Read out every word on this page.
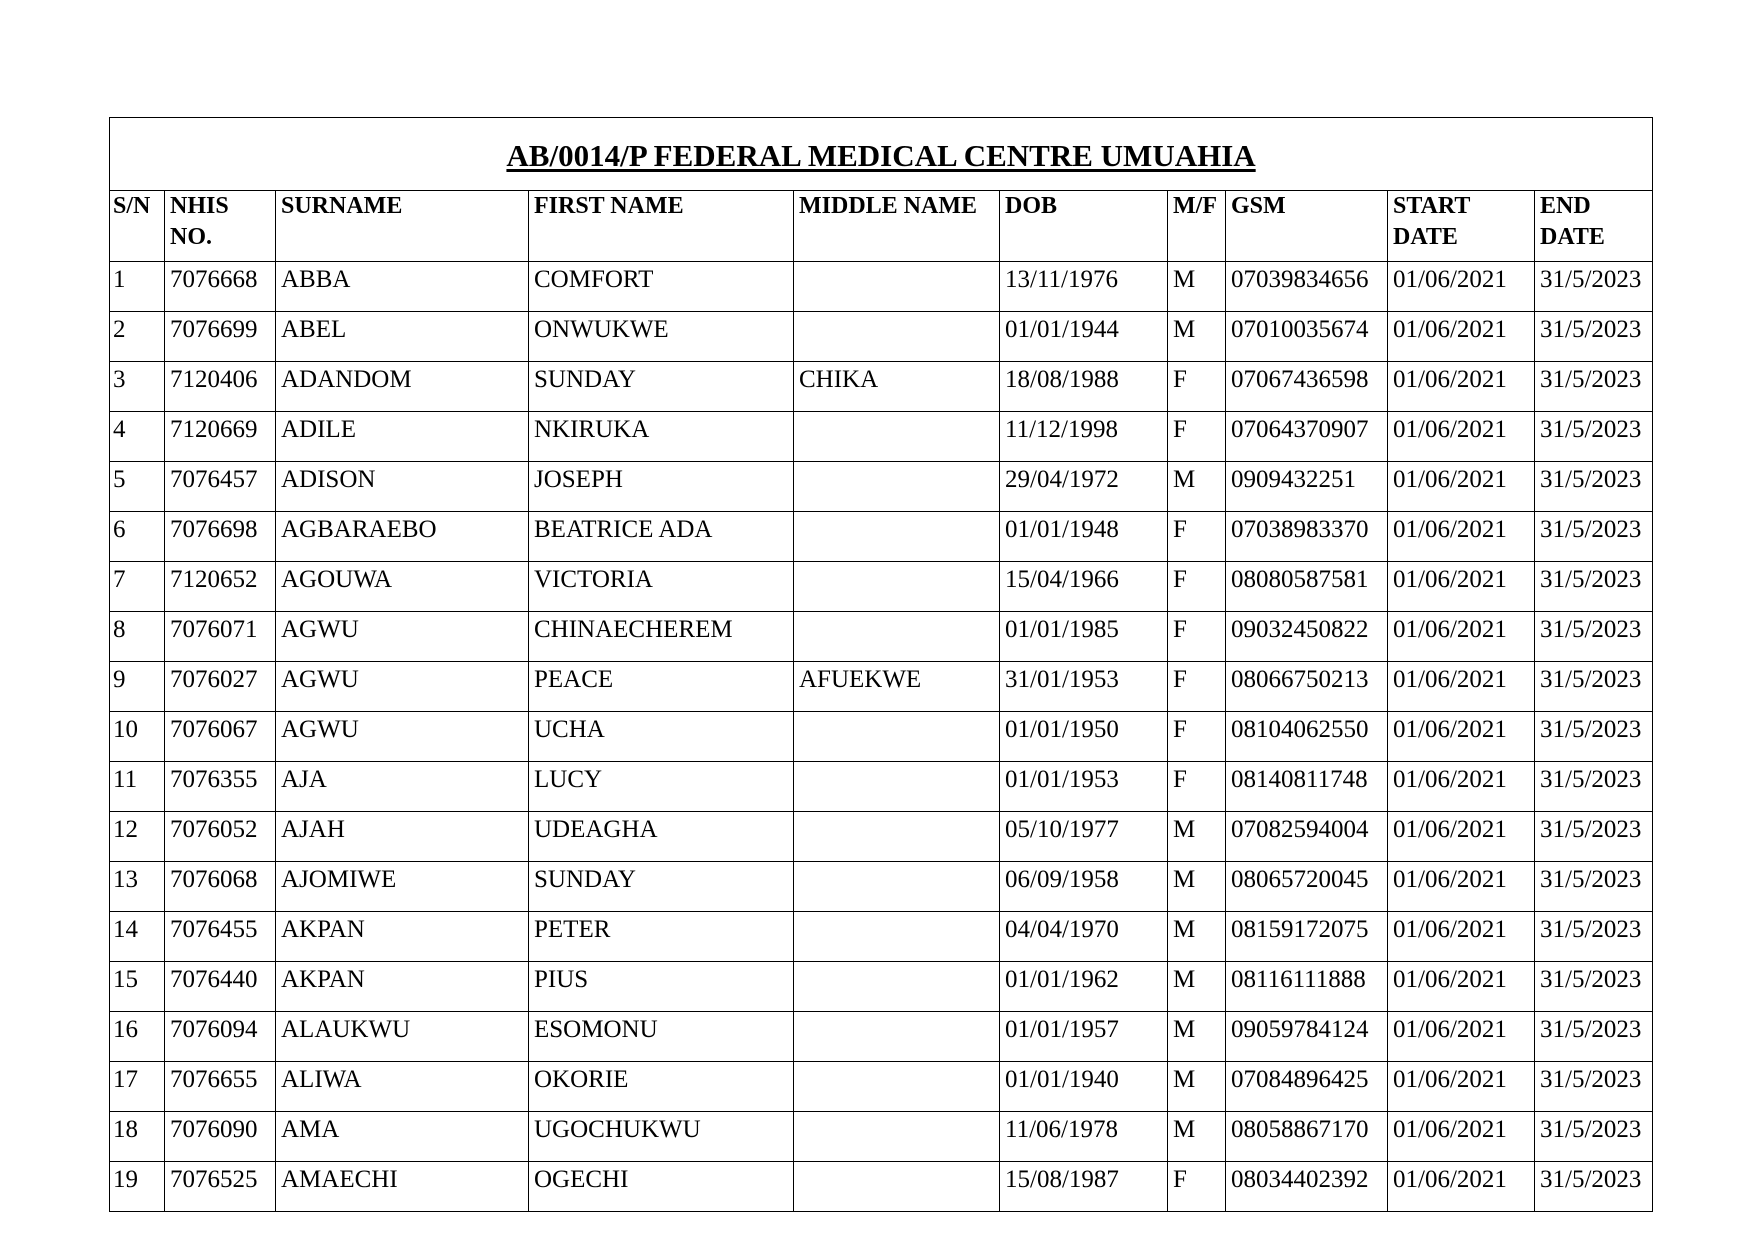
AB/0014/P FEDERAL MEDICAL CENTRE UMUAHIA									
S/N	NHIS NO.	SURNAME	FIRST NAME	MIDDLE NAME	DOB	M/F	GSM	START DATE	END DATE
1	7076668	ABBA	COMFORT		13/11/1976	M	07039834656	01/06/2021	31/5/2023
2	7076699	ABEL	ONWUKWE		01/01/1944	M	07010035674	01/06/2021	31/5/2023
3	7120406	ADANDOM	SUNDAY	CHIKA	18/08/1988	F	07067436598	01/06/2021	31/5/2023
4	7120669	ADILE	NKIRUKA		11/12/1998	F	07064370907	01/06/2021	31/5/2023
5	7076457	ADISON	JOSEPH		29/04/1972	M	0909432251	01/06/2021	31/5/2023
6	7076698	AGBARAEBO	BEATRICE ADA		01/01/1948	F	07038983370	01/06/2021	31/5/2023
7	7120652	AGOUWA	VICTORIA		15/04/1966	F	08080587581	01/06/2021	31/5/2023
8	7076071	AGWU	CHINAECHEREM		01/01/1985	F	09032450822	01/06/2021	31/5/2023
9	7076027	AGWU	PEACE	AFUEKWE	31/01/1953	F	08066750213	01/06/2021	31/5/2023
10	7076067	AGWU	UCHA		01/01/1950	F	08104062550	01/06/2021	31/5/2023
11	7076355	AJA	LUCY		01/01/1953	F	08140811748	01/06/2021	31/5/2023
12	7076052	AJAH	UDEAGHA		05/10/1977	M	07082594004	01/06/2021	31/5/2023
13	7076068	AJOMIWE	SUNDAY		06/09/1958	M	08065720045	01/06/2021	31/5/2023
14	7076455	AKPAN	PETER		04/04/1970	M	08159172075	01/06/2021	31/5/2023
15	7076440	AKPAN	PIUS		01/01/1962	M	08116111888	01/06/2021	31/5/2023
16	7076094	ALAUKWU	ESOMONU		01/01/1957	M	09059784124	01/06/2021	31/5/2023
17	7076655	ALIWA	OKORIE		01/01/1940	M	07084896425	01/06/2021	31/5/2023
18	7076090	AMA	UGOCHUKWU		11/06/1978	M	08058867170	01/06/2021	31/5/2023
19	7076525	AMAECHI	OGECHI		15/08/1987	F	08034402392	01/06/2021	31/5/2023
